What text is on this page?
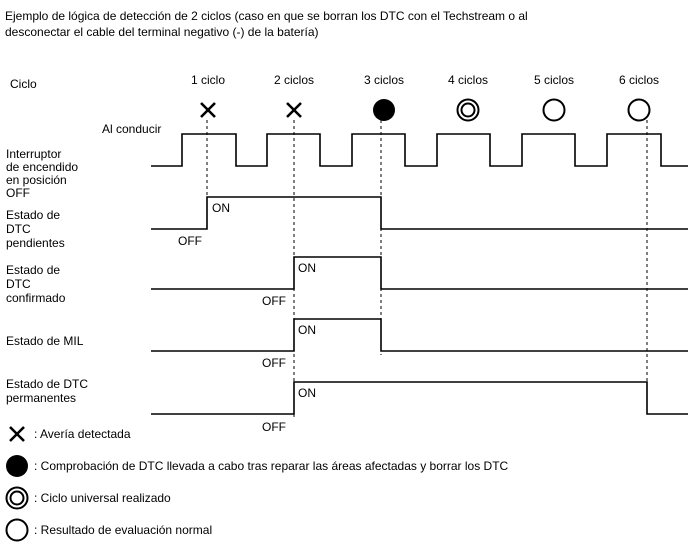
Ejemplo de lógica de detección de 2 ciclos (caso en que se borran los DTC con el Techstream o al
desconectar el cable del terminal negativo (-) de la batería)
Ciclo	1 ciclo	2 ciclos	3 ciclos	4 ciclos	5 ciclos	6 ciclos
Al conducir
Interruptor
de encendido
en posición
OFF
Estado de
DTC
pendientes
Estado de
DTC
confirmado
Estado de MIL
Estado de DTC
permanentes
ON
OFF
ON
OFF
ON
OFF
ON
OFF
: Avería detectada
: Comprobación de DTC llevada a cabo tras reparar las áreas afectadas y borrar los DTC
: Ciclo universal realizado
: Resultado de evaluación normal
